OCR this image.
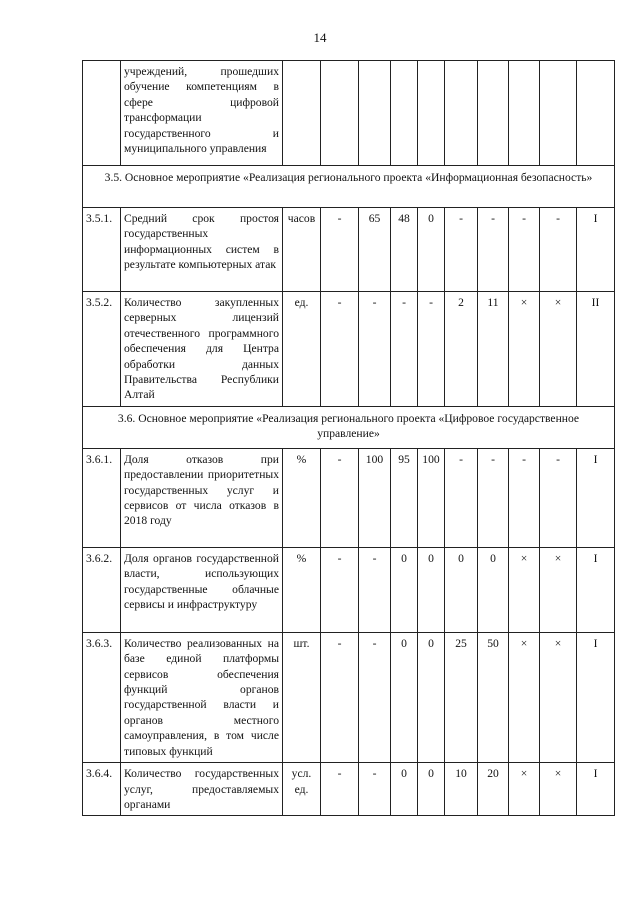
14
	учреждений, прошедших обучение компетенциям в сфере цифровой трансформации государственного и муниципального управления										
3.5. Основное мероприятие «Реализация регионального проекта «Информационная безопасность»											
3.5.1.	Средний срок простоя государственных информационных систем в результате компьютерных атак	часов	-	65	48	0	-	-	-	-	I
3.5.2.	Количество закупленных серверных лицензий отечественного программного обеспечения для Центра обработки данных Правительства Республики Алтай	ед.	-	-	-	-	2	11	×	×	II
3.6. Основное мероприятие «Реализация регионального проекта «Цифровое государственное управление»											
3.6.1.	Доля отказов при предоставлении приоритетных государственных услуг и сервисов от числа отказов в 2018 году	%	-	100	95	100	-	-	-	-	I
3.6.2.	Доля органов государственной власти, использующих государственные облачные сервисы и инфраструктуру	%	-	-	0	0	0	0	×	×	I
3.6.3.	Количество реализованных на базе единой платформы сервисов обеспечения функций органов государственной власти и органов местного самоуправления, в том числе типовых функций	шт.	-	-	0	0	25	50	×	×	I
3.6.4.	Количество государственных услуг, предоставляемых органами	усл. ед.	-	-	0	0	10	20	×	×	I
